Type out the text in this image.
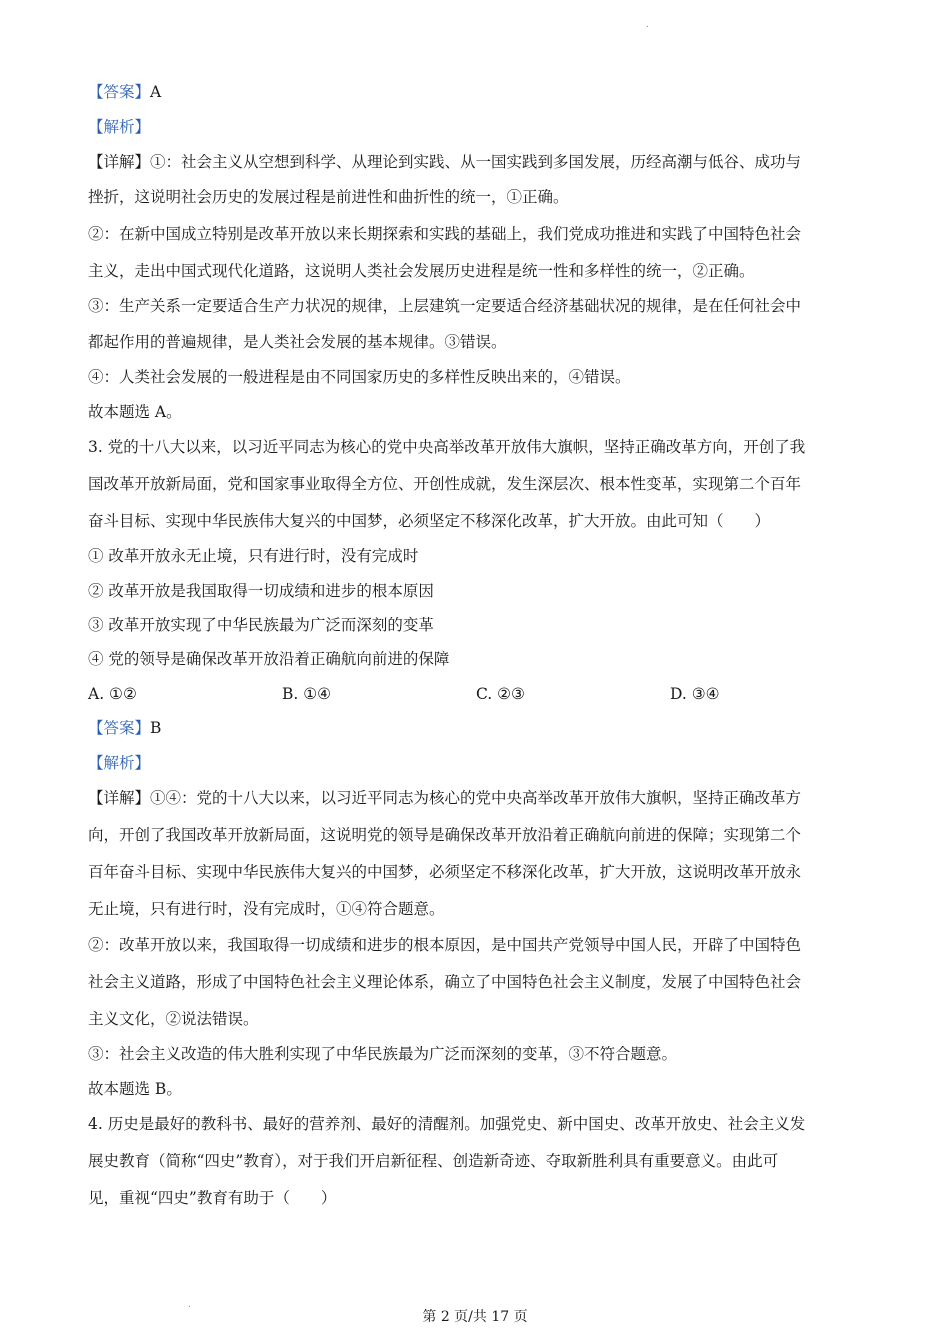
.
【答案】A
【解析】
【详解】①：社会主义从空想到科学、从理论到实践、从一国实践到多国发展，历经高潮与低谷、成功与
挫折，这说明社会历史的发展过程是前进性和曲折性的统一，①正确。
②：在新中国成立特别是改革开放以来长期探索和实践的基础上，我们党成功推进和实践了中国特色社会
主义，走出中国式现代化道路，这说明人类社会发展历史进程是统一性和多样性的统一，②正确。
③：生产关系一定要适合生产力状况的规律，上层建筑一定要适合经济基础状况的规律，是在任何社会中
都起作用的普遍规律，是人类社会发展的基本规律。③错误。
④：人类社会发展的一般进程是由不同国家历史的多样性反映出来的，④错误。
故本题选 A。
3. 党的十八大以来，以习近平同志为核心的党中央高举改革开放伟大旗帜，坚持正确改革方向，开创了我
国改革开放新局面，党和国家事业取得全方位、开创性成就，发生深层次、根本性变革，实现第二个百年
奋斗目标、实现中华民族伟大复兴的中国梦，必须坚定不移深化改革，扩大开放。由此可知（　　）
① 改革开放永无止境，只有进行时，没有完成时
② 改革开放是我国取得一切成绩和进步的根本原因
③ 改革开放实现了中华民族最为广泛而深刻的变革
④ 党的领导是确保改革开放沿着正确航向前进的保障
A. ①②	B. ①④	C. ②③	D. ③④
【答案】B
【解析】
【详解】①④：党的十八大以来，以习近平同志为核心的党中央高举改革开放伟大旗帜，坚持正确改革方
向，开创了我国改革开放新局面，这说明党的领导是确保改革开放沿着正确航向前进的保障；实现第二个
百年奋斗目标、实现中华民族伟大复兴的中国梦，必须坚定不移深化改革，扩大开放，这说明改革开放永
无止境，只有进行时，没有完成时，①④符合题意。
②：改革开放以来，我国取得一切成绩和进步的根本原因，是中国共产党领导中国人民，开辟了中国特色
社会主义道路，形成了中国特色社会主义理论体系，确立了中国特色社会主义制度，发展了中国特色社会
主义文化，②说法错误。
③：社会主义改造的伟大胜利实现了中华民族最为广泛而深刻的变革，③不符合题意。
故本题选 B。
4. 历史是最好的教科书、最好的营养剂、最好的清醒剂。加强党史、新中国史、改革开放史、社会主义发
展史教育（简称“四史”教育），对于我们开启新征程、创造新奇迹、夺取新胜利具有重要意义。由此可
见，重视“四史”教育有助于（　　）
.
第 2 页/共 17 页
